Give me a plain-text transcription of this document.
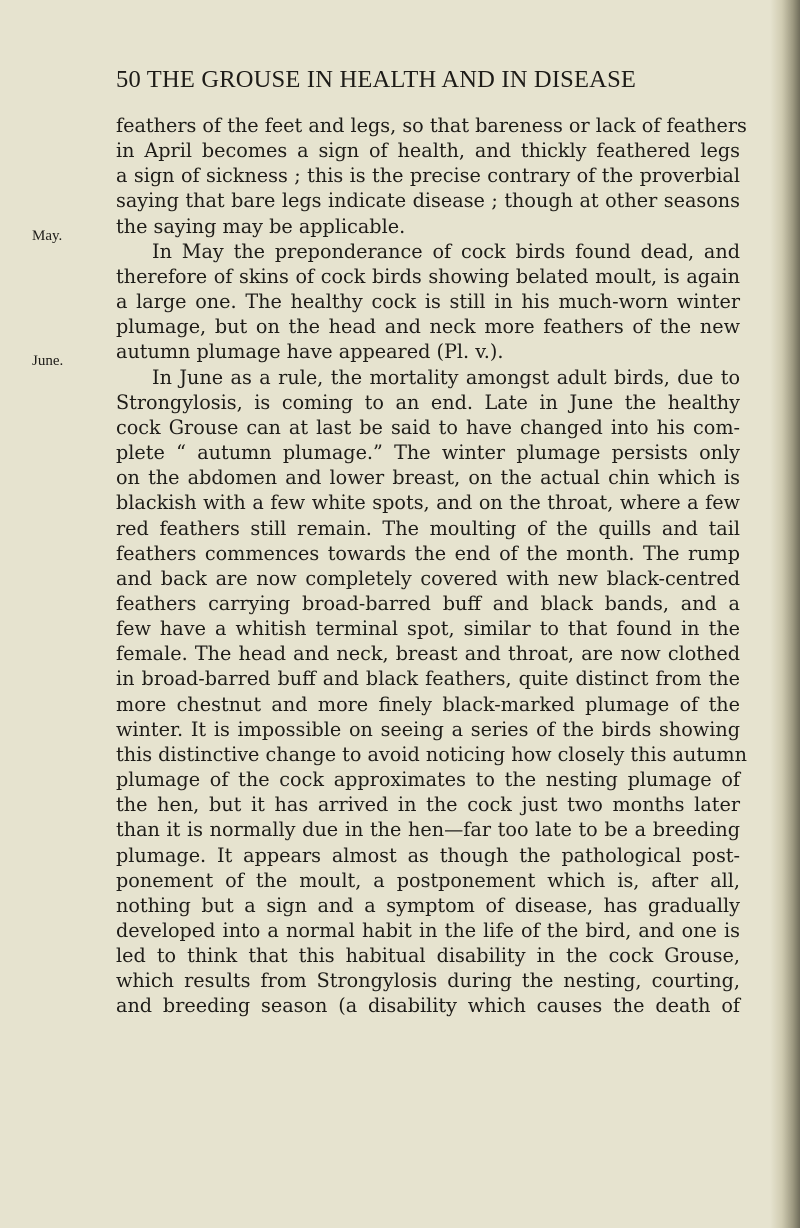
50 THE GROUSE IN HEALTH AND IN DISEASE
May.
June.
feathers of the feet and legs, so that bareness or lack of feathers
in April becomes a sign of health, and thickly feathered legs
a sign of sickness ; this is the precise contrary of the proverbial
saying that bare legs indicate disease ; though at other seasons
the saying may be applicable.
In May the preponderance of cock birds found dead, and
therefore of skins of cock birds showing belated moult, is again
a large one. The healthy cock is still in his much-worn winter
plumage, but on the head and neck more feathers of the new
autumn plumage have appeared (Pl. v.).
In June as a rule, the mortality amongst adult birds, due to
Strongylosis, is coming to an end. Late in June the healthy
cock Grouse can at last be said to have changed into his com-
plete “ autumn plumage.” The winter plumage persists only
on the abdomen and lower breast, on the actual chin which is
blackish with a few white spots, and on the throat, where a few
red feathers still remain. The moulting of the quills and tail
feathers commences towards the end of the month. The rump
and back are now completely covered with new black-centred
feathers carrying broad-barred buff and black bands, and a
few have a whitish terminal spot, similar to that found in the
female. The head and neck, breast and throat, are now clothed
in broad-barred buff and black feathers, quite distinct from the
more chestnut and more finely black-marked plumage of the
winter. It is impossible on seeing a series of the birds showing
this distinctive change to avoid noticing how closely this autumn
plumage of the cock approximates to the nesting plumage of
the hen, but it has arrived in the cock just two months later
than it is normally due in the hen—far too late to be a breeding
plumage. It appears almost as though the pathological post-
ponement of the moult, a postponement which is, after all,
nothing but a sign and a symptom of disease, has gradually
developed into a normal habit in the life of the bird, and one is
led to think that this habitual disability in the cock Grouse,
which results from Strongylosis during the nesting, courting,
and breeding season (a disability which causes the death of
